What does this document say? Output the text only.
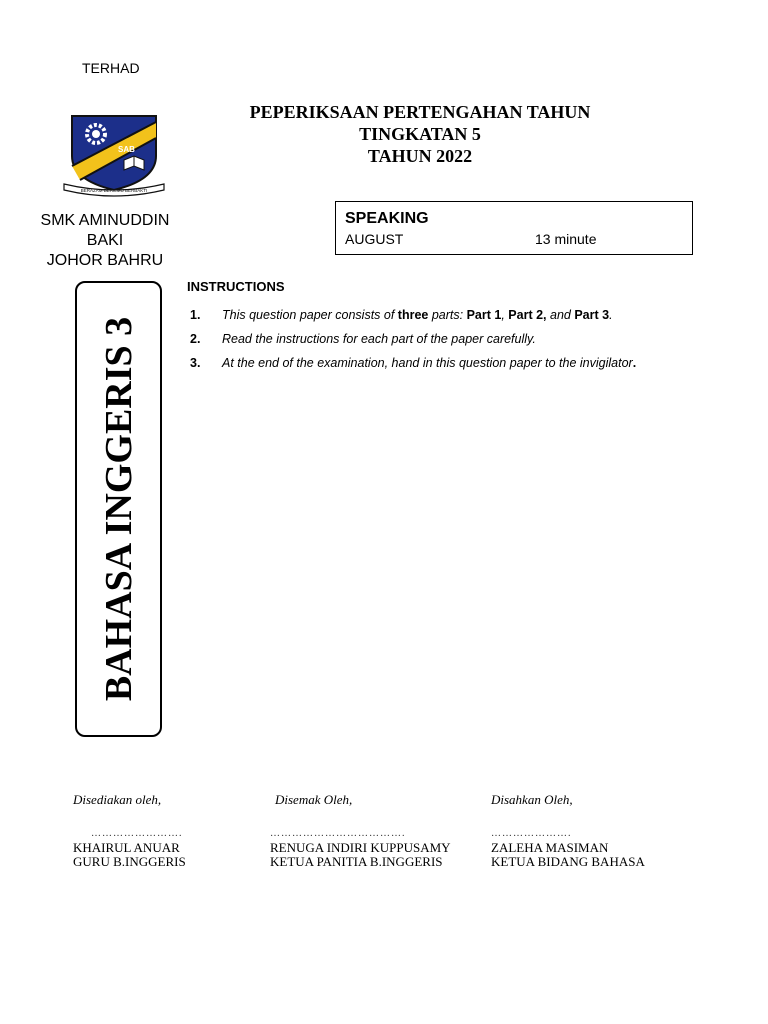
TERHAD
SAB
BERAZAM BERILMU BERBAKTI
PEPERIKSAAN PERTENGAHAN TAHUN
TINGKATAN 5
TAHUN 2022
SMK AMINUDDIN
BAKI
JOHOR BAHRU
SPEAKING
AUGUST	13 minute
BAHASA INGGERIS 3
INSTRUCTIONS
1. This question paper consists of three parts: Part 1, Part 2, and Part 3.
2. Read the instructions for each part of the paper carefully.
3. At the end of the examination, hand in this question paper to the invigilator.
Disediakan oleh,
…………………….
KHAIRUL ANUAR
GURU B.INGGERIS
Disemak Oleh,
……………………………….
RENUGA INDIRI KUPPUSAMY
KETUA PANITIA B.INGGERIS
Disahkan Oleh,
………………….
ZALEHA MASIMAN
KETUA BIDANG BAHASA
